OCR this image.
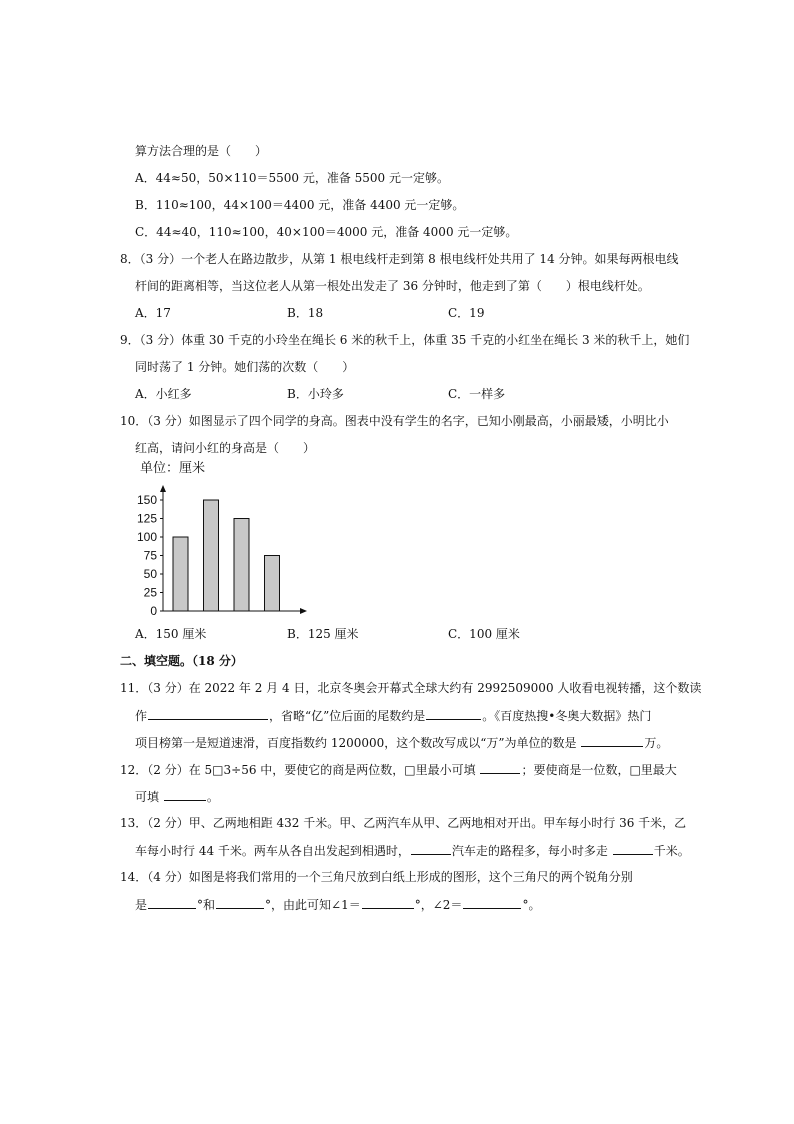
算方法合理的是（　　）
A．44≈50，50×110＝5500 元，准备 5500 元一定够。
B．110≈100，44×100＝4400 元，准备 4400 元一定够。
C．44≈40，110≈100，40×100＝4000 元，准备 4000 元一定够。
8．（3 分）一个老人在路边散步，从第 1 根电线杆走到第 8 根电线杆处共用了 14 分钟。如果每两根电线
杆间的距离相等，当这位老人从第一根处出发走了 36 分钟时，他走到了第（　　）根电线杆处。
A．17	B．18	C．19
9．（3 分）体重 30 千克的小玲坐在绳长 6 米的秋千上，体重 35 千克的小红坐在绳长 3 米的秋千上，她们
同时荡了 1 分钟。她们荡的次数（　　）
A．小红多	B．小玲多	C．一样多
10．（3 分）如图显示了四个同学的身高。图表中没有学生的名字，已知小刚最高，小丽最矮，小明比小
红高，请问小红的身高是（　　）
单位：厘米
0
25
50
75
100
125
150
A．150 厘米	B．125 厘米	C．100 厘米
二、填空题。（18 分）
11．（3 分）在 2022 年 2 月 4 日，北京冬奥会开幕式全球大约有 2992509000 人收看电视转播，这个数读
作	，省略“亿”位后面的尾数约是	。《百度热搜•冬奥大数据》热门
项目榜第一是短道速滑，百度指数约 1200000，这个数改写成以“万”为单位的数是	万。
12．（2 分）在 5□3÷56 中，要使它的商是两位数，□里最小可填	；要使商是一位数，□里最大
可填	。
13．（2 分）甲、乙两地相距 432 千米。甲、乙两汽车从甲、乙两地相对开出。甲车每小时行 36 千米，乙
车每小时行 44 千米。两车从各自出发起到相遇时，	汽车走的路程多，每小时多走	千米。
14．（4 分）如图是将我们常用的一个三角尺放到白纸上形成的图形，这个三角尺的两个锐角分别
是	°和	°，由此可知∠1＝	°，∠2＝	°。
